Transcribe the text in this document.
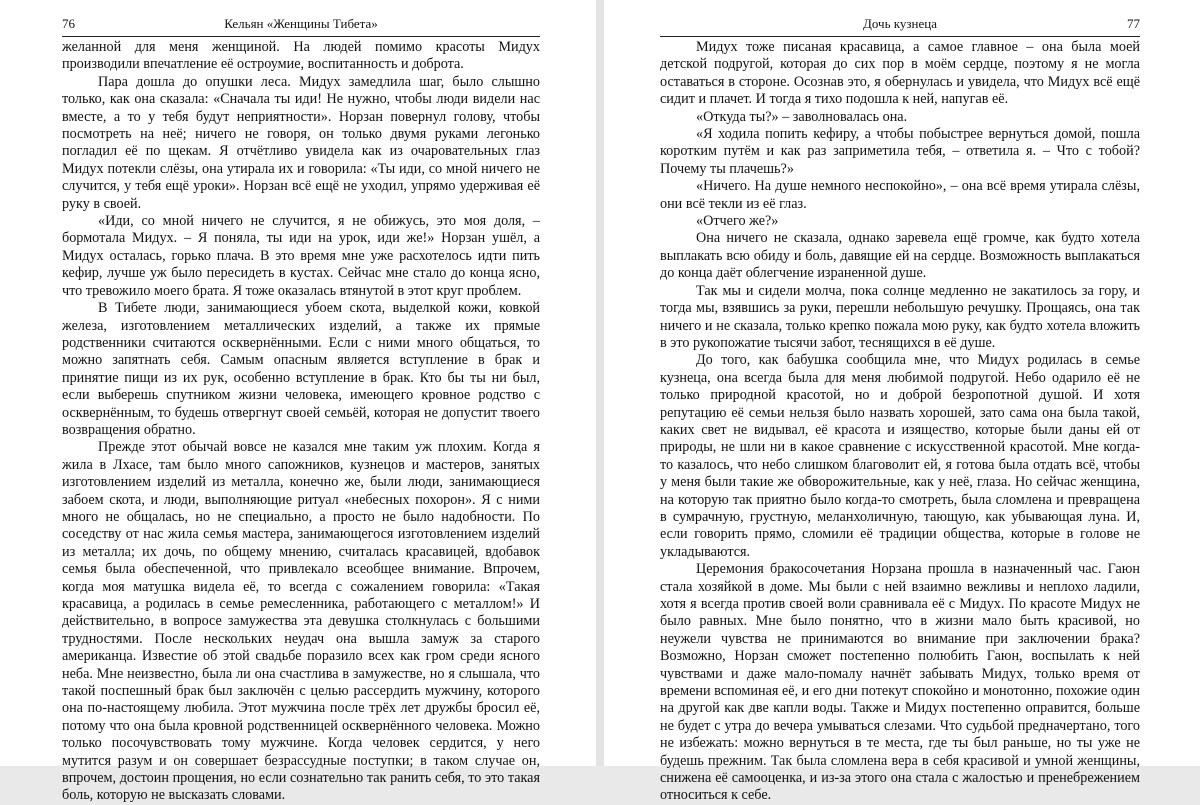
76	Кельян «Женщины Тибета»

желанной для меня женщиной. На людей помимо красоты Мидух производили впечатление её остроумие, воспитанность и доброта.

Пара дошла до опушки леса. Мидух замедлила шаг, было слышно только, как она сказала: «Сначала ты иди! Не нужно, чтобы люди видели нас вместе, а то у тебя будут неприятности». Норзан повернул голову, чтобы посмотреть на неё; ничего не говоря, он только двумя руками легонько погладил её по щекам. Я отчётливо увидела как из очаровательных глаз Мидух потекли слёзы, она утирала их и говорила: «Ты иди, со мной ничего не случится, у тебя ещё уроки». Норзан всё ещё не уходил, упрямо удерживая её руку в своей.

«Иди, со мной ничего не случится, я не обижусь, это моя доля, – бормотала Мидух. – Я поняла, ты иди на урок, иди же!» Норзан ушёл, а Мидух осталась, горько плача. В это время мне уже расхотелось идти пить кефир, лучше уж было пересидеть в кустах. Сейчас мне стало до конца ясно, что тревожило моего брата. Я тоже оказалась втянутой в этот круг проблем.

В Тибете люди, занимающиеся убоем скота, выделкой кожи, ковкой железа, изготовлением металлических изделий, а также их прямые родственники считаются осквернёнными. Если с ними много общаться, то можно запятнать себя. Самым опасным является вступление в брак и принятие пищи из их рук, особенно вступление в брак. Кто бы ты ни был, если выберешь спутником жизни человека, имеющего кровное родство с осквернённым, то будешь отвергнут своей семьёй, которая не допустит твоего возвращения обратно.

Прежде этот обычай вовсе не казался мне таким уж плохим. Когда я жила в Лхасе, там было много сапожников, кузнецов и мастеров, занятых изготовлением изделий из металла, конечно же, были люди, занимающиеся забоем скота, и люди, выполняющие ритуал «небесных похорон». Я с ними много не общалась, но не специально, а просто не было надобности. По соседству от нас жила семья мастера, занимающегося изготовлением изделий из металла; их дочь, по общему мнению, считалась красавицей, вдобавок семья была обеспеченной, что привлекало всеобщее внимание. Впрочем, когда моя матушка видела её, то всегда с сожалением говорила: «Такая красавица, а родилась в семье ремесленника, работающего с металлом!» И действительно, в вопросе замужества эта девушка столкнулась с большими трудностями. После нескольких неудач она вышла замуж за старого американца. Известие об этой свадьбе поразило всех как гром среди ясного неба. Мне неизвестно, была ли она счастлива в замужестве, но я слышала, что такой поспешный брак был заключён с целью рассердить мужчину, которого она по-настоящему любила. Этот мужчина после трёх лет дружбы бросил её, потому что она была кровной родственницей осквернённого человека. Можно только посочувствовать тому мужчине. Когда человек сердится, у него мутится разум и он совершает безрассудные поступки; в таком случае он, впрочем, достоин прощения, но если сознательно так ранить себя, то это такая боль, которую не высказать словами.

Дочь кузнеца	77

Мидух тоже писаная красавица, а самое главное – она была моей детской подругой, которая до сих пор в моём сердце, поэтому я не могла оставаться в стороне. Осознав это, я обернулась и увидела, что Мидух всё ещё сидит и плачет. И тогда я тихо подошла к ней, напугав её.

«Откуда ты?» – заволновалась она.

«Я ходила попить кефиру, а чтобы побыстрее вернуться домой, пошла коротким путём и как раз заприметила тебя, – ответила я. – Что с тобой? Почему ты плачешь?»

«Ничего. На душе немного неспокойно», – она всё время утирала слёзы, они всё текли из её глаз.

«Отчего же?»

Она ничего не сказала, однако заревела ещё громче, как будто хотела выплакать всю обиду и боль, давящие ей на сердце. Возможность выплакаться до конца даёт облегчение израненной душе.

Так мы и сидели молча, пока солнце медленно не закатилось за гору, и тогда мы, взявшись за руки, перешли небольшую речушку. Прощаясь, она так ничего и не сказала, только крепко пожала мою руку, как будто хотела вложить в это рукопожатие тысячи забот, теснящихся в её душе.

До того, как бабушка сообщила мне, что Мидух родилась в семье кузнеца, она всегда была для меня любимой подругой. Небо одарило её не только природной красотой, но и доброй безропотной душой. И хотя репутацию её семьи нельзя было назвать хорошей, зато сама она была такой, каких свет не видывал, её красота и изящество, которые были даны ей от природы, не шли ни в какое сравнение с искусственной красотой. Мне когда-то казалось, что небо слишком благоволит ей, я готова была отдать всё, чтобы у меня были такие же обворожительные, как у неё, глаза. Но сейчас женщина, на которую так приятно было когда-то смотреть, была сломлена и превращена в сумрачную, грустную, меланхоличную, тающую, как убывающая луна. И, если говорить прямо, сломили её традиции общества, которые в голове не укладываются.

Церемония бракосочетания Норзана прошла в назначенный час. Гаюн стала хозяйкой в доме. Мы были с ней взаимно вежливы и неплохо ладили, хотя я всегда против своей воли сравнивала её с Мидух. По красоте Мидух не было равных. Мне было понятно, что в жизни мало быть красивой, но неужели чувства не принимаются во внимание при заключении брака? Возможно, Норзан сможет постепенно полюбить Гаюн, воспылать к ней чувствами и даже мало-помалу начнёт забывать Мидух, только время от времени вспоминая её, и его дни потекут спокойно и монотонно, похожие один на другой как две капли воды. Также и Мидух постепенно оправится, больше не будет с утра до вечера умываться слезами. Что судьбой предначертано, того не избежать: можно вернуться в те места, где ты был раньше, но ты уже не будешь прежним. Так была сломлена вера в себя красивой и умной женщины, снижена её самооценка, и из-за этого она стала с жалостью и пренебрежением относиться к себе.
